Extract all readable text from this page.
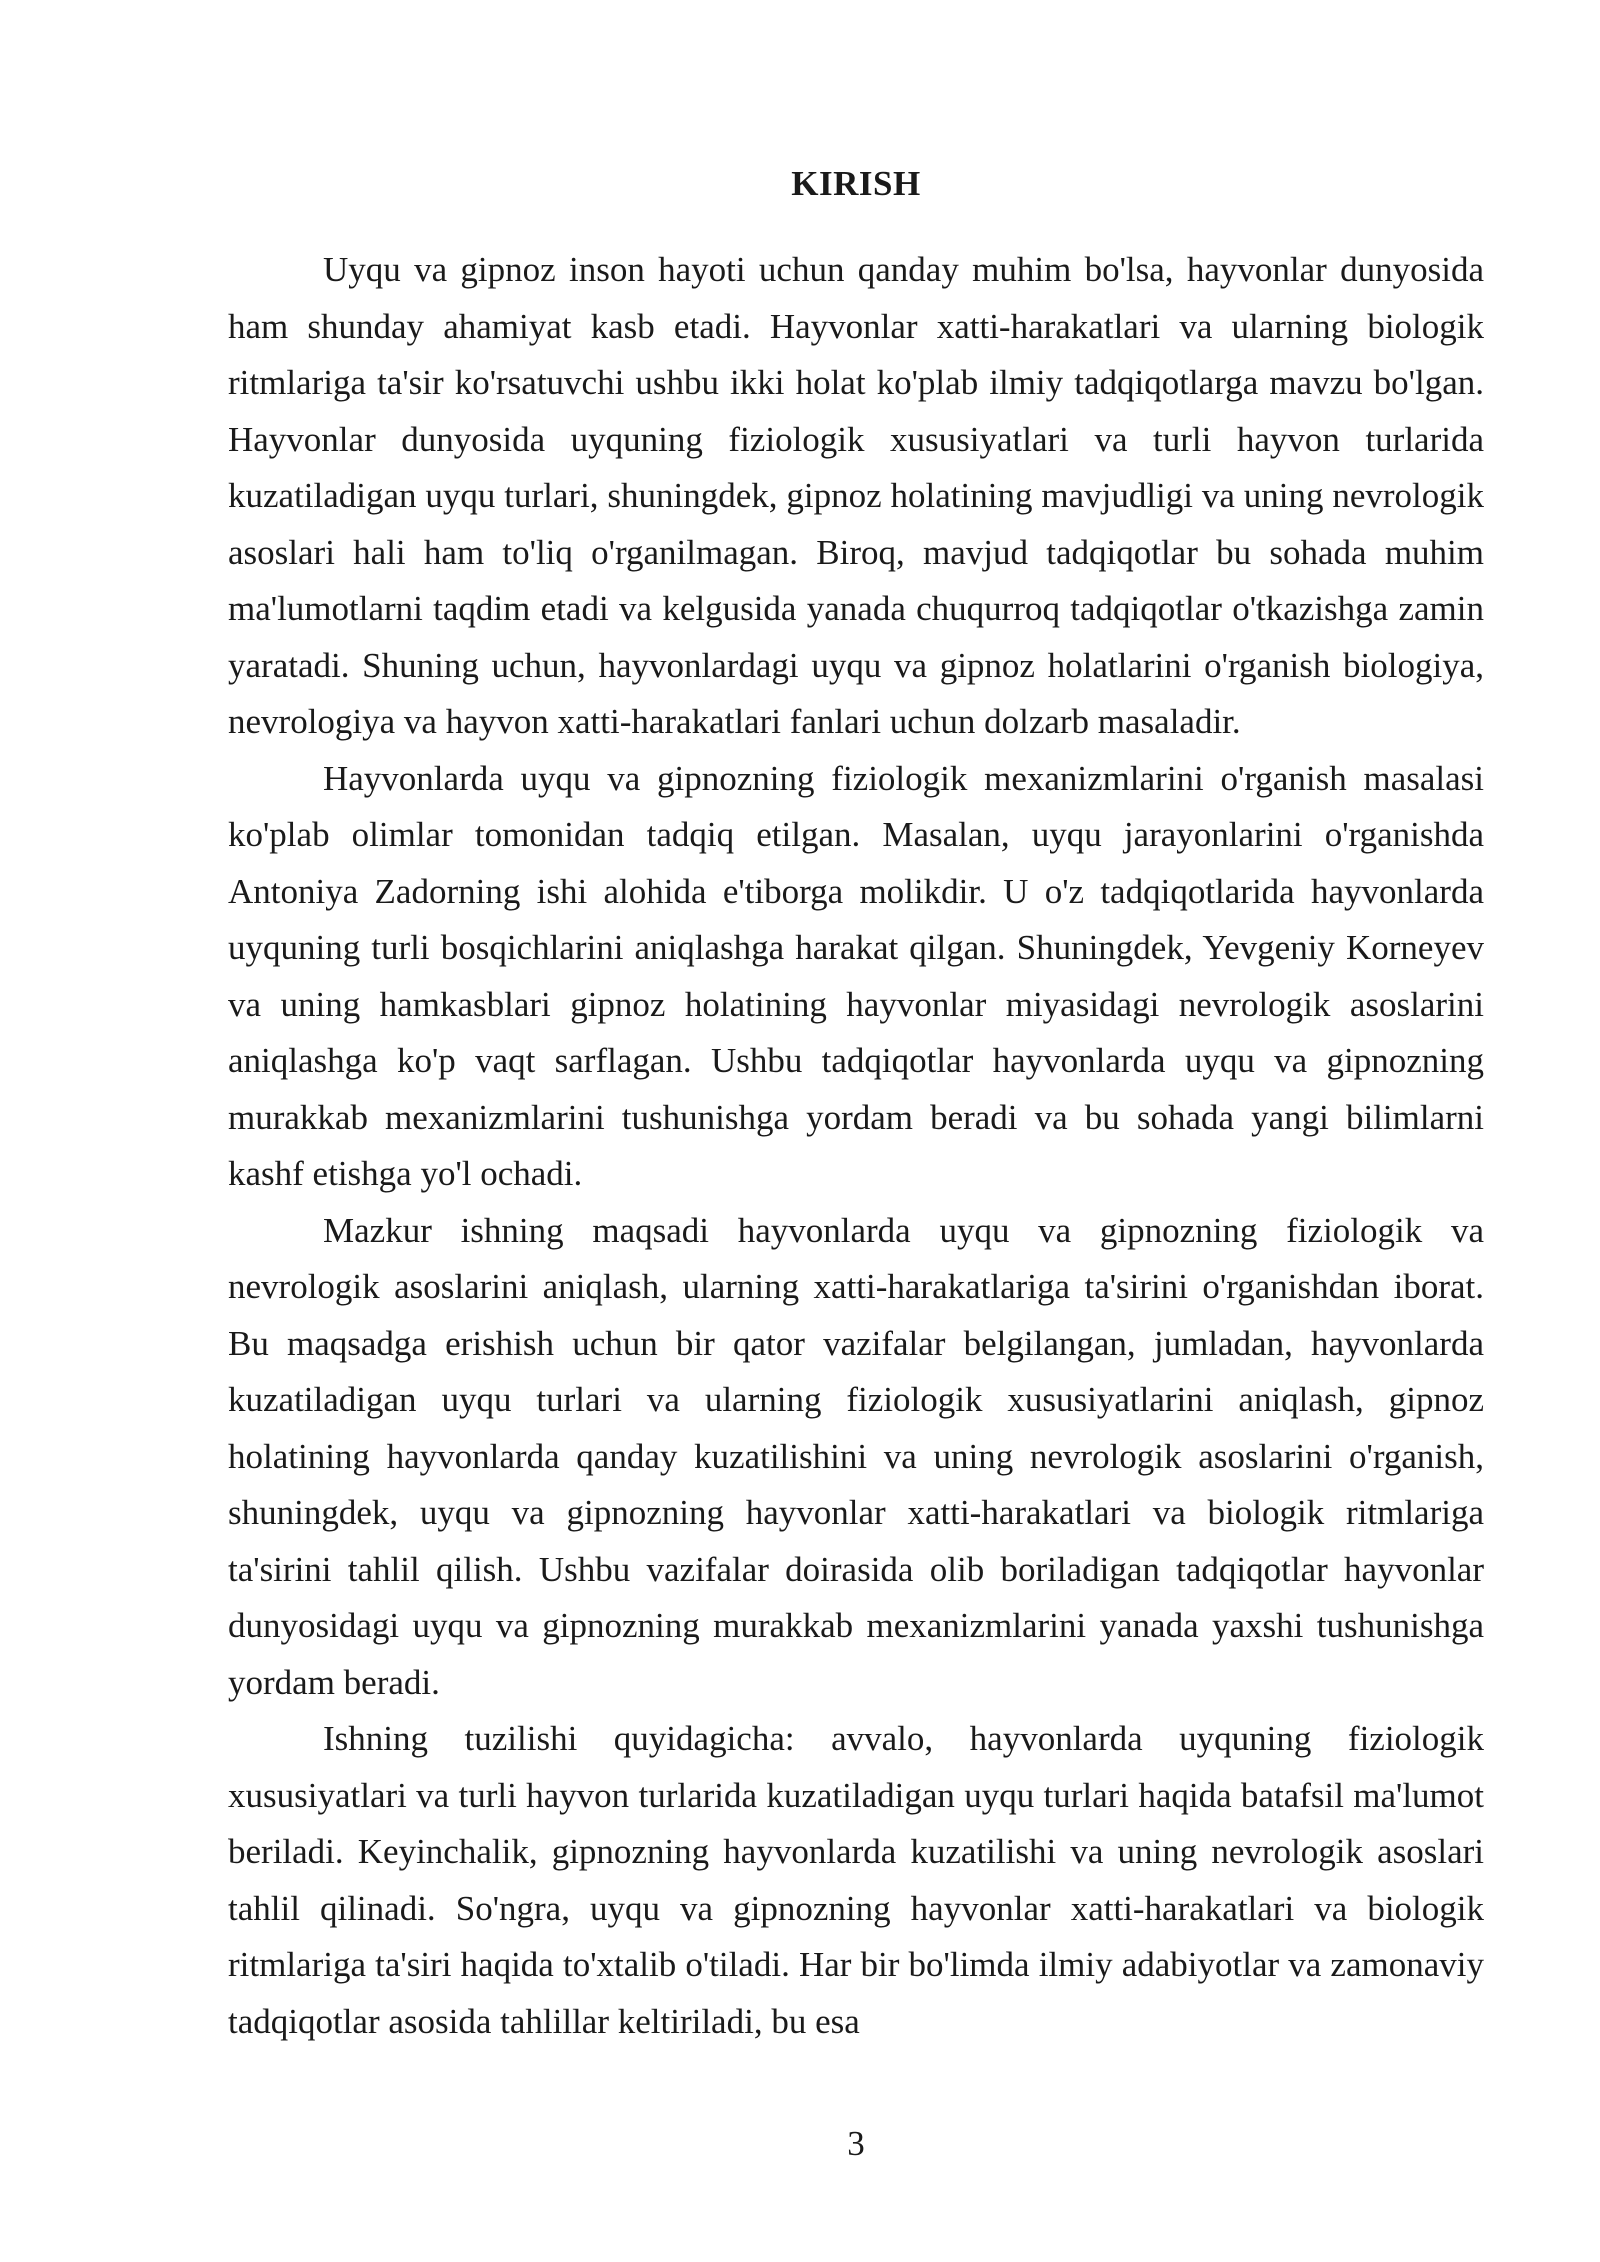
KIRISH

Uyqu va gipnoz inson hayoti uchun qanday muhim bo'lsa, hayvonlar dunyosida ham shunday ahamiyat kasb etadi. Hayvonlar xatti-harakatlari va ularning biologik ritmlariga ta'sir ko'rsatuvchi ushbu ikki holat ko'plab ilmiy tadqiqotlarga mavzu bo'lgan. Hayvonlar dunyosida uyquning fiziologik xususiyatlari va turli hayvon turlarida kuzatiladigan uyqu turlari, shuningdek, gipnoz holatining mavjudligi va uning nevrologik asoslari hali ham to'liq o'rganilmagan. Biroq, mavjud tadqiqotlar bu sohada muhim ma'lumotlarni taqdim etadi va kelgusida yanada chuqurroq tadqiqotlar o'tkazishga zamin yaratadi. Shuning uchun, hayvonlardagi uyqu va gipnoz holatlarini o'rganish biologiya, nevrologiya va hayvon xatti-harakatlari fanlari uchun dolzarb masaladir.

Hayvonlarda uyqu va gipnozning fiziologik mexanizmlarini o'rganish masalasi ko'plab olimlar tomonidan tadqiq etilgan. Masalan, uyqu jarayonlarini o'rganishda Antoniya Zadorning ishi alohida e'tiborga molikdir. U o'z tadqiqotlarida hayvonlarda uyquning turli bosqichlarini aniqlashga harakat qilgan. Shuningdek, Yevgeniy Korneyev va uning hamkasblari gipnoz holatining hayvonlar miyasidagi nevrologik asoslarini aniqlashga ko'p vaqt sarflagan. Ushbu tadqiqotlar hayvonlarda uyqu va gipnozning murakkab mexanizmlarini tushunishga yordam beradi va bu sohada yangi bilimlarni kashf etishga yo'l ochadi.

Mazkur ishning maqsadi hayvonlarda uyqu va gipnozning fiziologik va nevrologik asoslarini aniqlash, ularning xatti-harakatlariga ta'sirini o'rganishdan iborat. Bu maqsadga erishish uchun bir qator vazifalar belgilangan, jumladan, hayvonlarda kuzatiladigan uyqu turlari va ularning fiziologik xususiyatlarini aniqlash, gipnoz holatining hayvonlarda qanday kuzatilishini va uning nevrologik asoslarini o'rganish, shuningdek, uyqu va gipnozning hayvonlar xatti-harakatlari va biologik ritmlariga ta'sirini tahlil qilish. Ushbu vazifalar doirasida olib boriladigan tadqiqotlar hayvonlar dunyosidagi uyqu va gipnozning murakkab mexanizmlarini yanada yaxshi tushunishga yordam beradi.

Ishning tuzilishi quyidagicha: avvalo, hayvonlarda uyquning fiziologik xususiyatlari va turli hayvon turlarida kuzatiladigan uyqu turlari haqida batafsil ma'lumot beriladi. Keyinchalik, gipnozning hayvonlarda kuzatilishi va uning nevrologik asoslari tahlil qilinadi. So'ngra, uyqu va gipnozning hayvonlar xatti-harakatlari va biologik ritmlariga ta'siri haqida to'xtalib o'tiladi. Har bir bo'limda ilmiy adabiyotlar va zamonaviy tadqiqotlar asosida tahlillar keltiriladi, bu esa

3
